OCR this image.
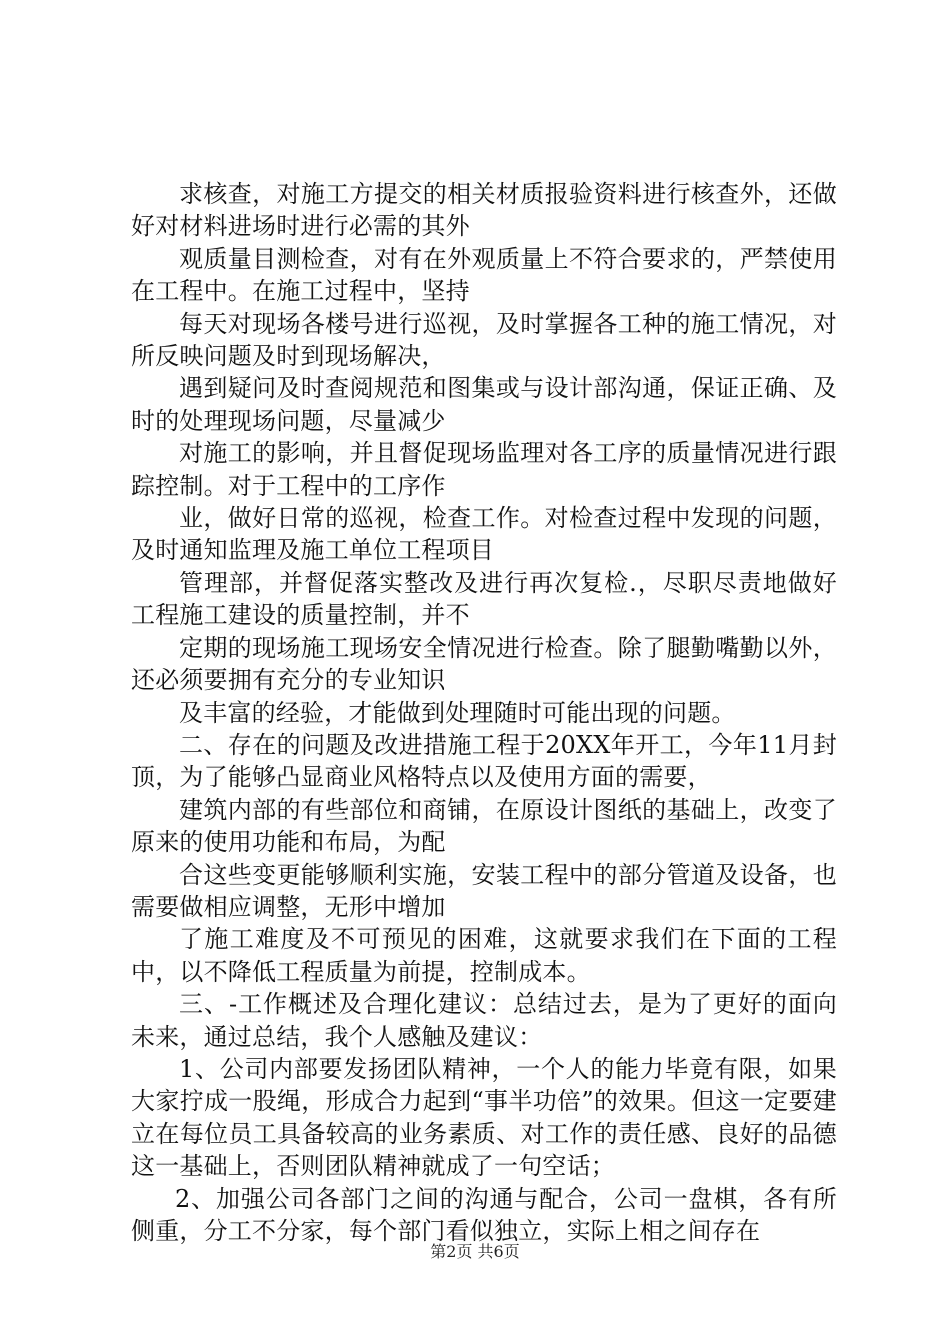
求核查，对施工方提交的相关材质报验资料进行核查外，还做好对材料进场时进行必需的其外

观质量目测检查，对有在外观质量上不符合要求的，严禁使用在工程中。在施工过程中，坚持

每天对现场各楼号进行巡视，及时掌握各工种的施工情况，对所反映问题及时到现场解决，

遇到疑问及时查阅规范和图集或与设计部沟通，保证正确、及时的处理现场问题，尽量减少

对施工的影响，并且督促现场监理对各工序的质量情况进行跟踪控制。对于工程中的工序作

业，做好日常的巡视，检查工作。对检查过程中发现的问题，及时通知监理及施工单位工程项目

管理部，并督促落实整改及进行再次复检.，尽职尽责地做好工程施工建设的质量控制，并不

定期的现场施工现场安全情况进行检查。除了腿勤嘴勤以外，还必须要拥有充分的专业知识

及丰富的经验，才能做到处理随时可能出现的问题。

二、存在的问题及改进措施工程于20XX年开工，今年11月封顶，为了能够凸显商业风格特点以及使用方面的需要，

建筑内部的有些部位和商铺，在原设计图纸的基础上，改变了原来的使用功能和布局，为配

合这些变更能够顺利实施，安装工程中的部分管道及设备，也需要做相应调整，无形中增加

了施工难度及不可预见的困难，这就要求我们在下面的工程中，以不降低工程质量为前提，控制成本。

三、-工作概述及合理化建议：总结过去，是为了更好的面向未来，通过总结，我个人感触及建议：

1、公司内部要发扬团队精神，一个人的能力毕竟有限，如果大家拧成一股绳，形成合力起到“事半功倍”的效果。但这一定要建立在每位员工具备较高的业务素质、对工作的责任感、良好的品德这一基础上，否则团队精神就成了一句空话；

2、加强公司各部门之间的沟通与配合，公司一盘棋，各有所侧重，分工不分家，每个部门看似独立，实际上相之间存在

第2页 共6页
